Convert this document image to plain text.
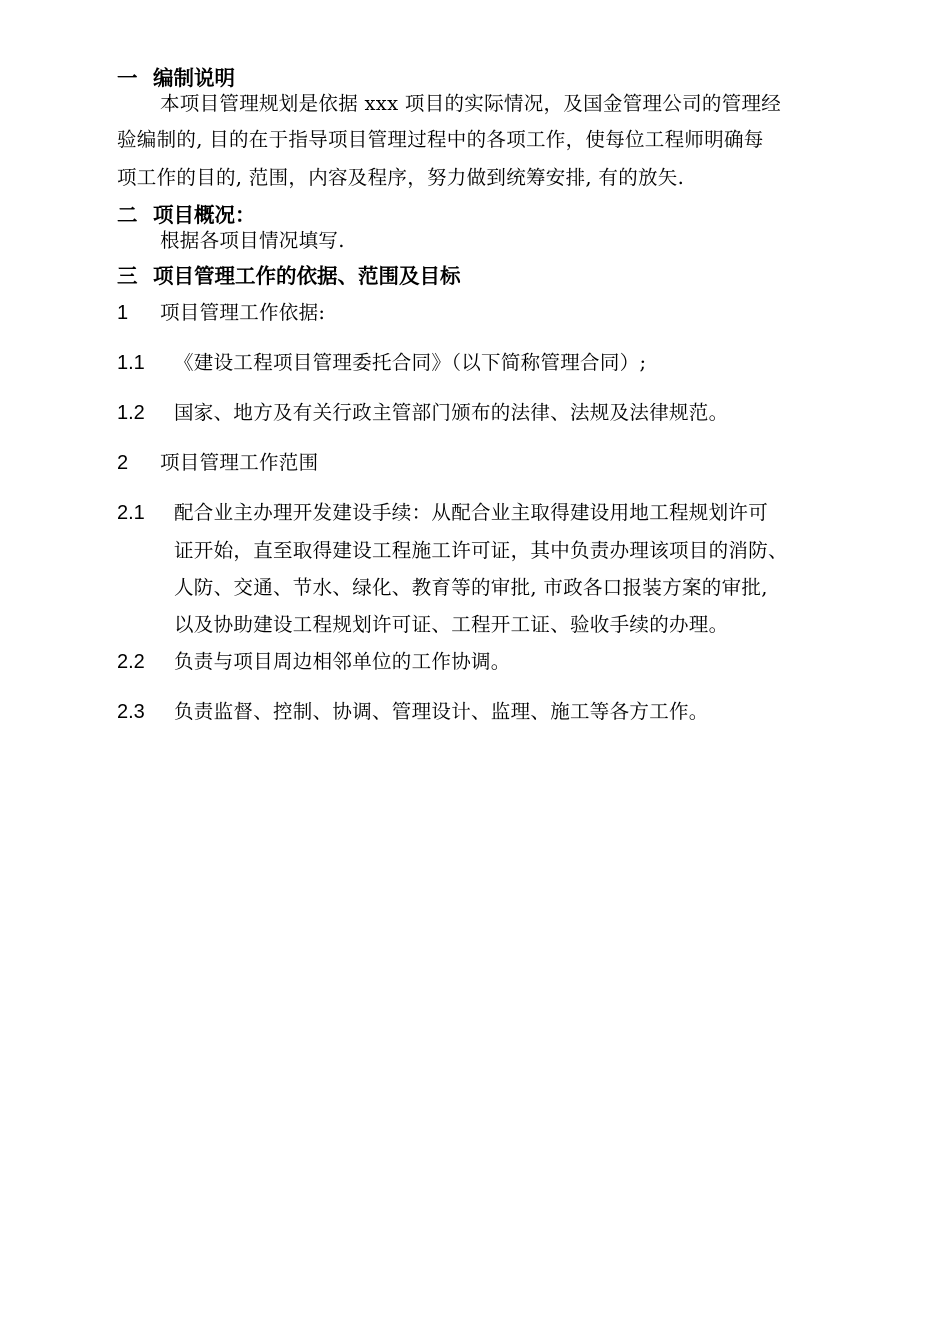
一 编制说明
本项目管理规划是依据 xxx 项目的实际情况，及国金管理公司的管理经
验编制的, 目的在于指导项目管理过程中的各项工作，使每位工程师明确每
项工作的目的, 范围，内容及程序，努力做到统筹安排, 有的放矢.
二 项目概况：
根据各项目情况填写.
三 项目管理工作的依据、范围及目标
1 项目管理工作依据:
1.1 《建设工程项目管理委托合同》（以下简称管理合同）;
1.2 国家、地方及有关行政主管部门颁布的法律、法规及法律规范。
2 项目管理工作范围
2.1 配合业主办理开发建设手续：从配合业主取得建设用地工程规划许可
证开始，直至取得建设工程施工许可证，其中负责办理该项目的消防、
人防、交通、节水、绿化、教育等的审批, 市政各口报装方案的审批,
以及协助建设工程规划许可证、工程开工证、验收手续的办理。
2.2 负责与项目周边相邻单位的工作协调。
2.3 负责监督、控制、协调、管理设计、监理、施工等各方工作。
